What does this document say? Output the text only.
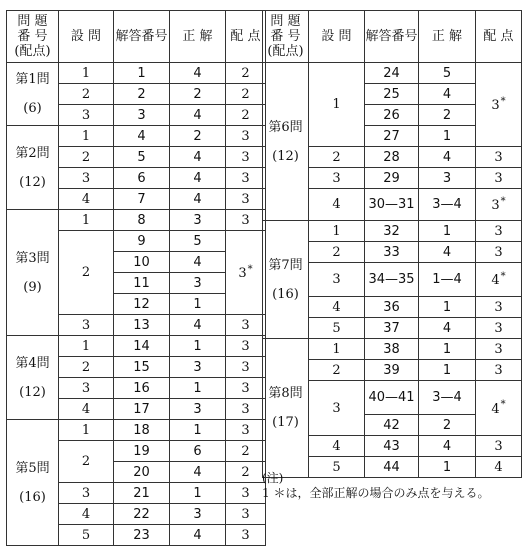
問 題
番 号
(配点)	設 問	解答番号	正 解	配 点

第1問
(6)	1	1	4	2
	2	2	2	2
	3	3	4	2

第2問
(12)	1	4	2	3
	2	5	4	3
	3	6	4	3
	4	7	4	3

第3問
(9)	1	8	3	3
	2	9	5	3*
		10	4	
		11	3	
		12	1	
	3	13	4	3

第4問
(12)	1	14	1	3
	2	15	3	3
	3	16	1	3
	4	17	3	3

第5問
(16)	1	18	1	3
	2	19	6	2
		20	4	2
	3	21	1	3
	4	22	3	3
	5	23	4	3
問 題
番 号
(配点)	設 問	解答番号	正 解	配 点

第6問
(12)	1	24	5	3*
		25	4	
		26	2	
		27	1	
	2	28	4	3
	3	29	3	3
	4	30—31	3—4	3*

第7問
(16)	1	32	1	3
	2	33	4	3
	3	34—35	1—4	4*
	4	36	1	3
	5	37	4	3

第8問
(17)	1	38	1	3
	2	39	1	3
	3	40—41	3—4	4*
		42	2	
	4	43	4	3
	5	44	1	4
(注)
1 ＊は，全部正解の場合のみ点を与える。
